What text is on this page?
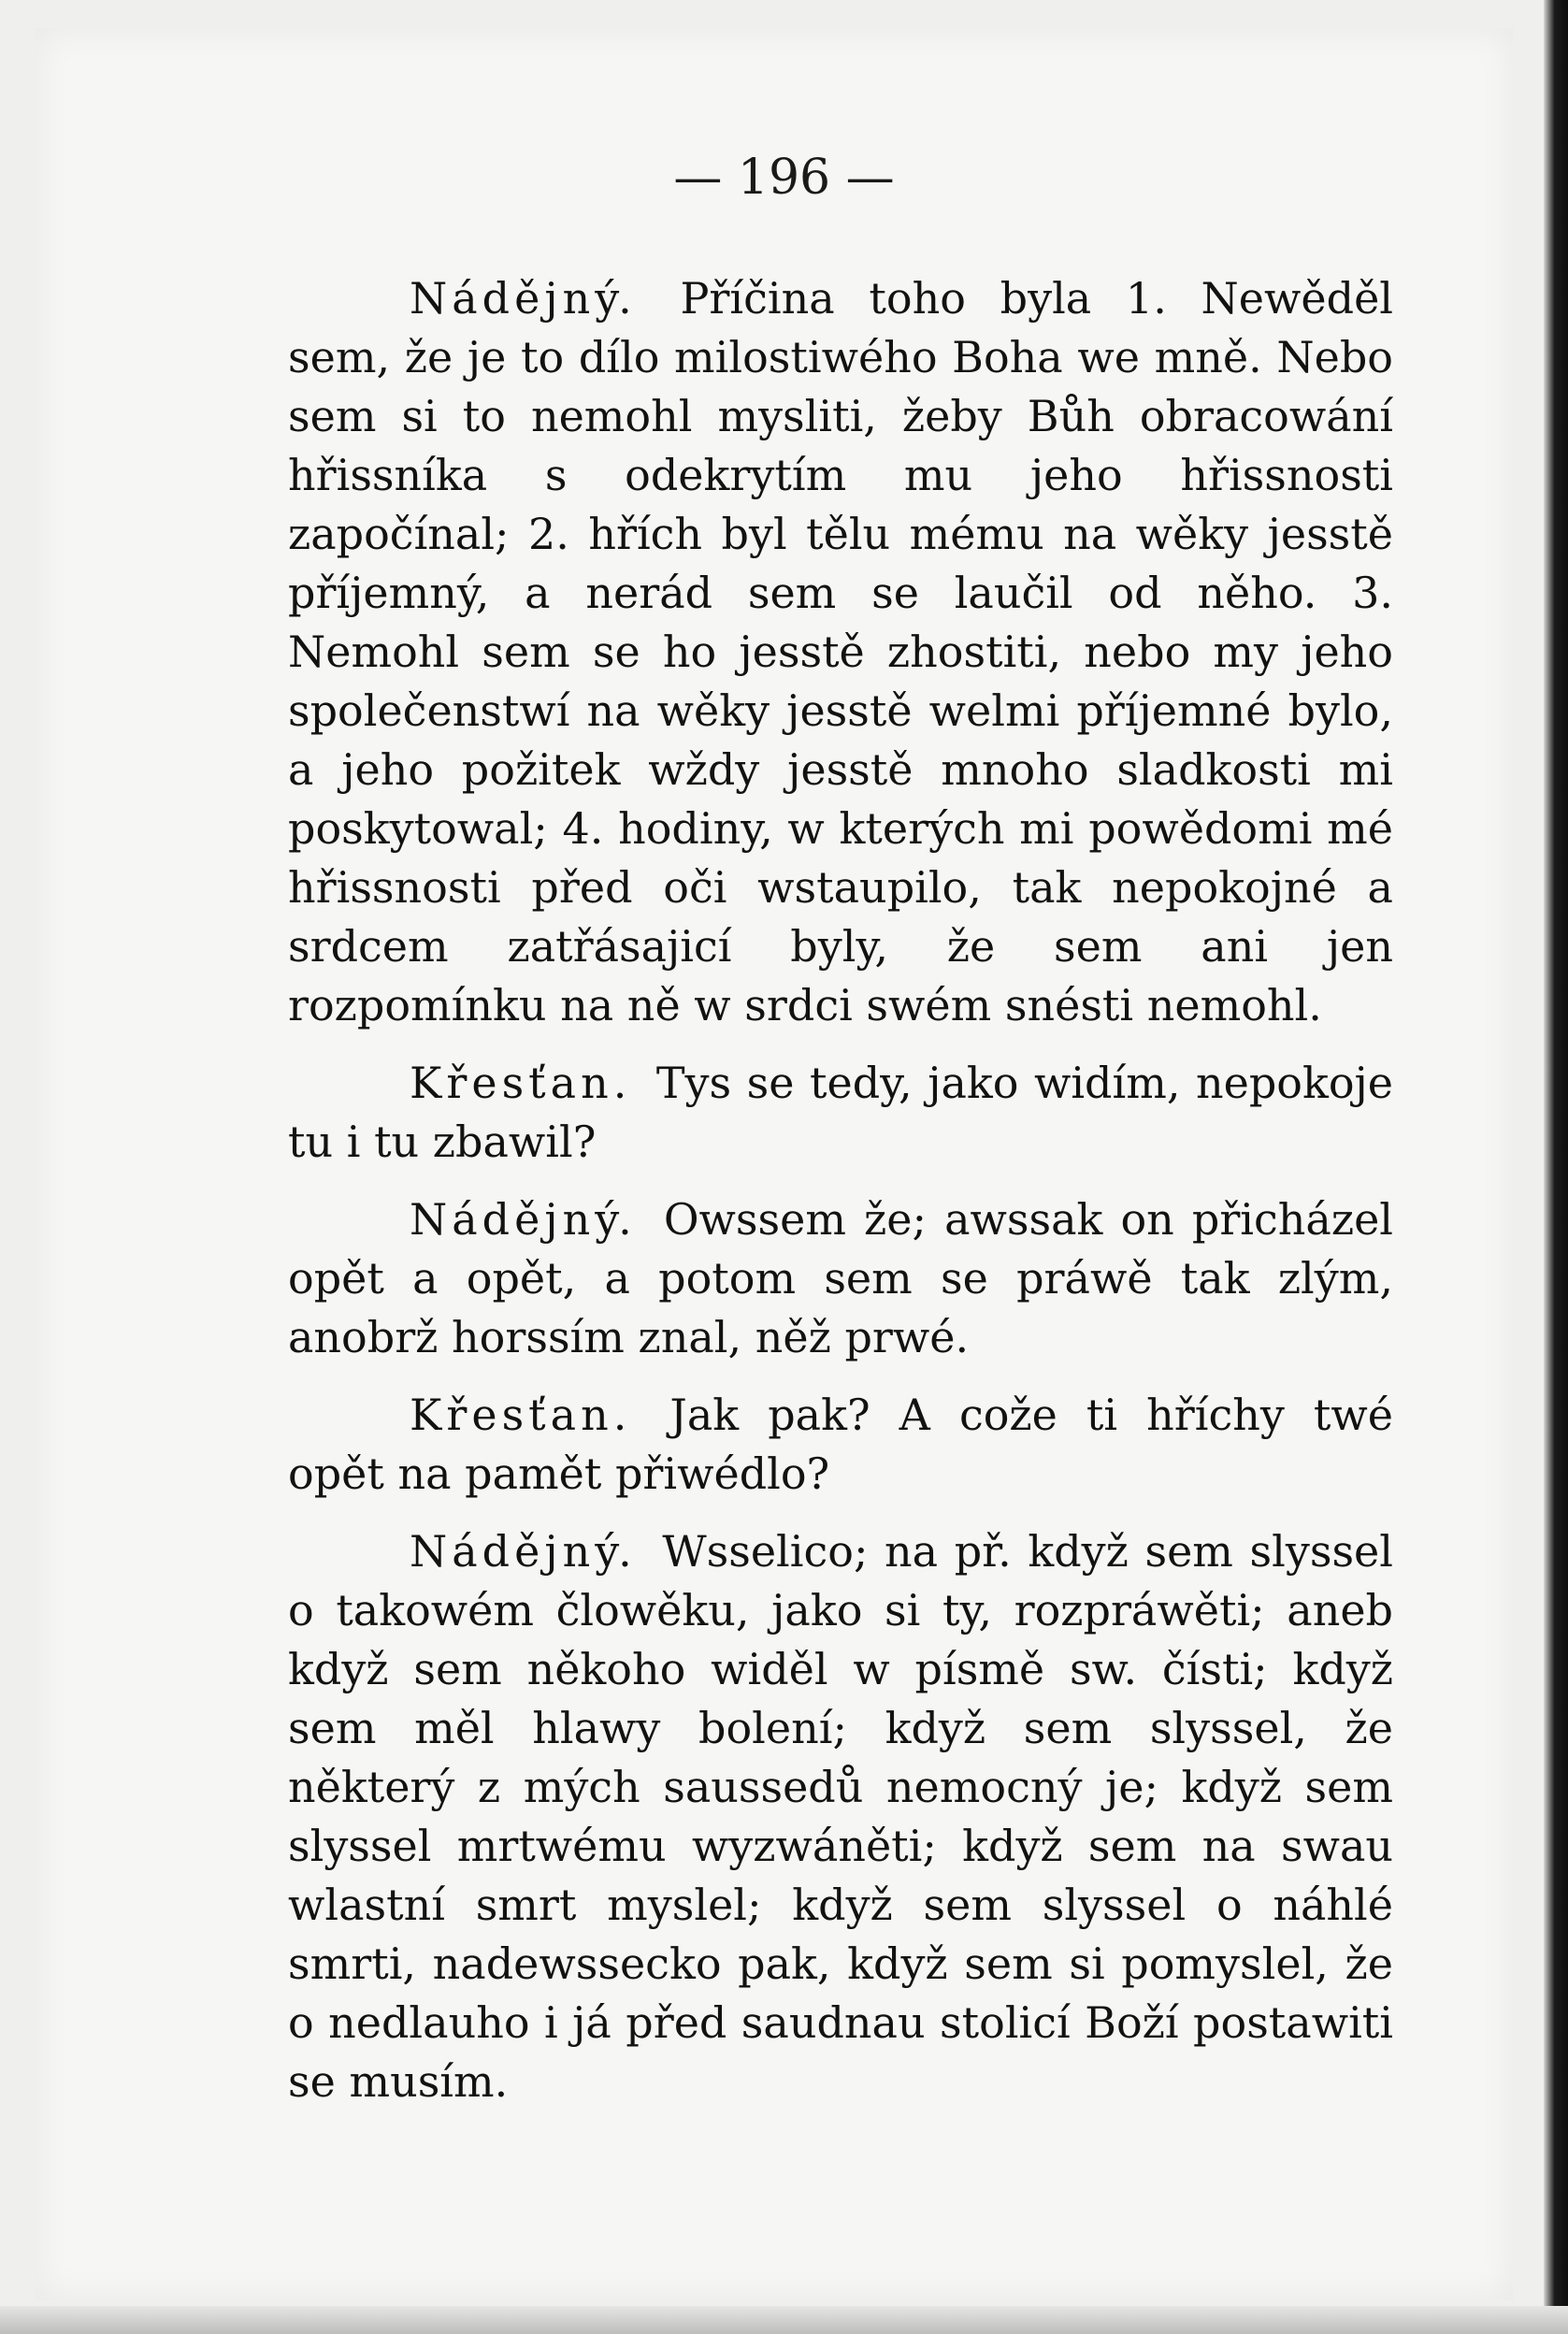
— 196 —

Nádějný. Příčina toho byla 1. Newěděl sem, že je to dílo milostiwého Boha we mně. Nebo sem si to nemohl mysliti, žeby Bůh obracowání hřissníka s odekrytím mu jeho hřissnosti započínal; 2. hřích byl tělu mému na wěky jesstě příjemný, a nerád sem se laučil od něho. 3. Nemohl sem se ho jesstě zhostiti, nebo my jeho společenstwí na wěky jesstě welmi příjemné bylo, a jeho požitek wždy jesstě mnoho sladkosti mi poskytowal; 4. hodiny, w kterých mi powědomi mé hřissnosti před oči wstaupilo, tak nepokojné a srdcem zatřásajicí byly, že sem ani jen rozpomínku na ně w srdci swém snésti nemohl.

Křesťan. Tys se tedy, jako widím, nepokoje tu i tu zbawil?

Nádějný. Owssem že; awssak on přicházel opět a opět, a potom sem se práwě tak zlým, anobrž horssím znal, něž prwé.

Křesťan. Jak pak? A cože ti hříchy twé opět na pamět přiwédlo?

Nádějný. Wsselico; na př. když sem slyssel o takowém člowěku, jako si ty, rozpráwěti; aneb když sem někoho widěl w písmě sw. čísti; když sem měl hlawy bolení; když sem slyssel, že některý z mých saussedů nemocný je; když sem slyssel mrtwému wyzwáněti; když sem na swau wlastní smrt myslel; když sem slyssel o náhlé smrti, nadewssecko pak, když sem si pomyslel, že o nedlauho i já před saudnau stolicí Boží postawiti se musím.
